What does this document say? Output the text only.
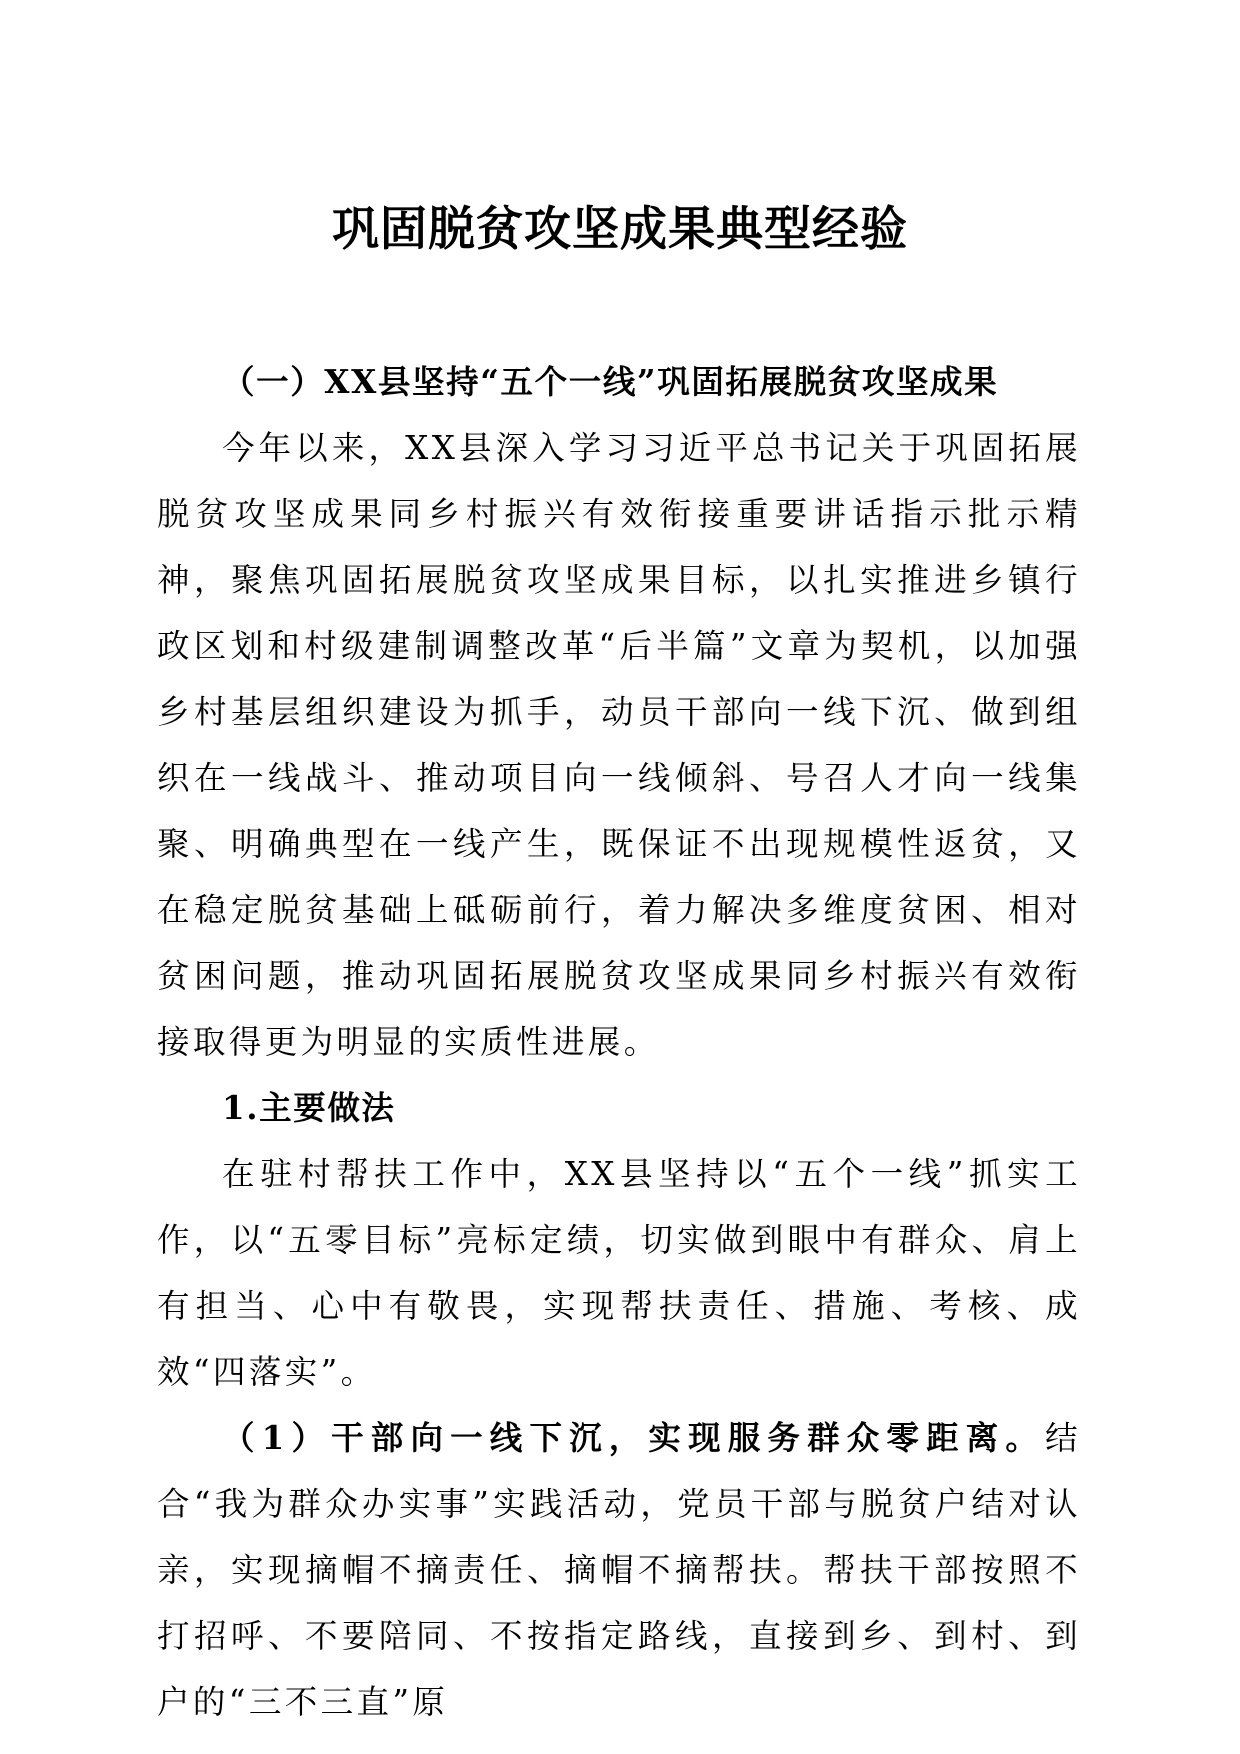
巩固脱贫攻坚成果典型经验

（一）XX县坚持“五个一线”巩固拓展脱贫攻坚成果

今年以来，XX县深入学习习近平总书记关于巩固拓展脱贫攻坚成果同乡村振兴有效衔接重要讲话指示批示精神，聚焦巩固拓展脱贫攻坚成果目标，以扎实推进乡镇行政区划和村级建制调整改革“后半篇”文章为契机，以加强乡村基层组织建设为抓手，动员干部向一线下沉、做到组织在一线战斗、推动项目向一线倾斜、号召人才向一线集聚、明确典型在一线产生，既保证不出现规模性返贫，又在稳定脱贫基础上砥砺前行，着力解决多维度贫困、相对贫困问题，推动巩固拓展脱贫攻坚成果同乡村振兴有效衔接取得更为明显的实质性进展。

1.主要做法

在驻村帮扶工作中，XX县坚持以“五个一线”抓实工作，以“五零目标”亮标定绩，切实做到眼中有群众、肩上有担当、心中有敬畏，实现帮扶责任、措施、考核、成效“四落实”。

（1）干部向一线下沉，实现服务群众零距离。结合“我为群众办实事”实践活动，党员干部与脱贫户结对认亲，实现摘帽不摘责任、摘帽不摘帮扶。帮扶干部按照不打招呼、不要陪同、不按指定路线，直接到乡、到村、到户的“三不三直”原
